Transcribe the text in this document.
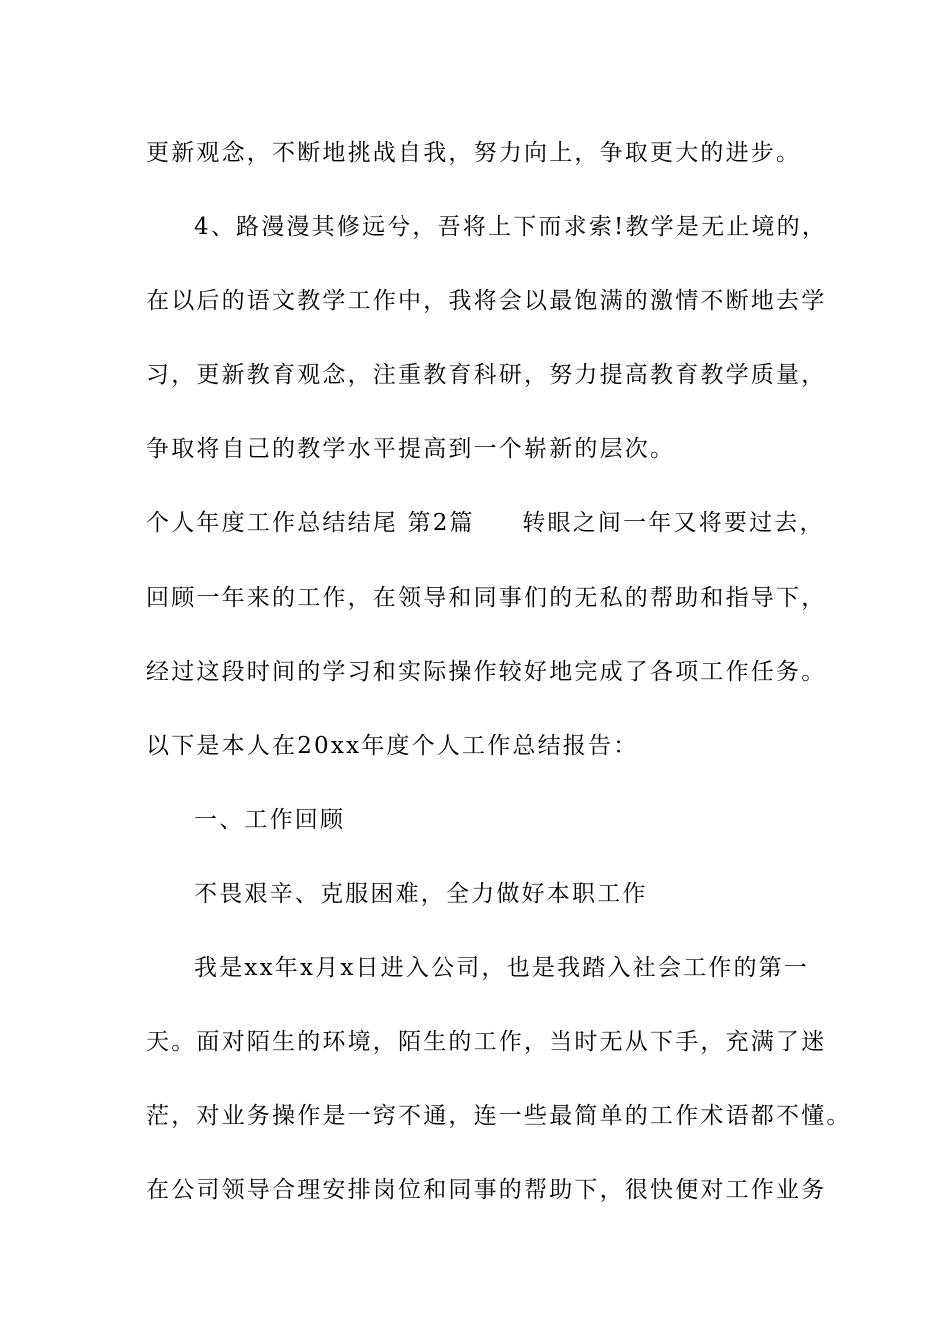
更新观念，不断地挑战自我，努力向上，争取更大的进步。
4、路漫漫其修远兮，吾将上下而求索!教学是无止境的，
在以后的语文教学工作中，我将会以最饱满的激情不断地去学
习，更新教育观念，注重教育科研，努力提高教育教学质量，
争取将自己的教学水平提高到一个崭新的层次。
个人年度工作总结结尾 第2篇     转眼之间一年又将要过去，
回顾一年来的工作，在领导和同事们的无私的帮助和指导下，
经过这段时间的学习和实际操作较好地完成了各项工作任务。
以下是本人在20xx年度个人工作总结报告：
一、工作回顾
不畏艰辛、克服困难，全力做好本职工作
我是xx年x月x日进入公司，也是我踏入社会工作的第一
天。面对陌生的环境，陌生的工作，当时无从下手，充满了迷
茫，对业务操作是一窍不通，连一些最简单的工作术语都不懂。
在公司领导合理安排岗位和同事的帮助下，很快便对工作业务
